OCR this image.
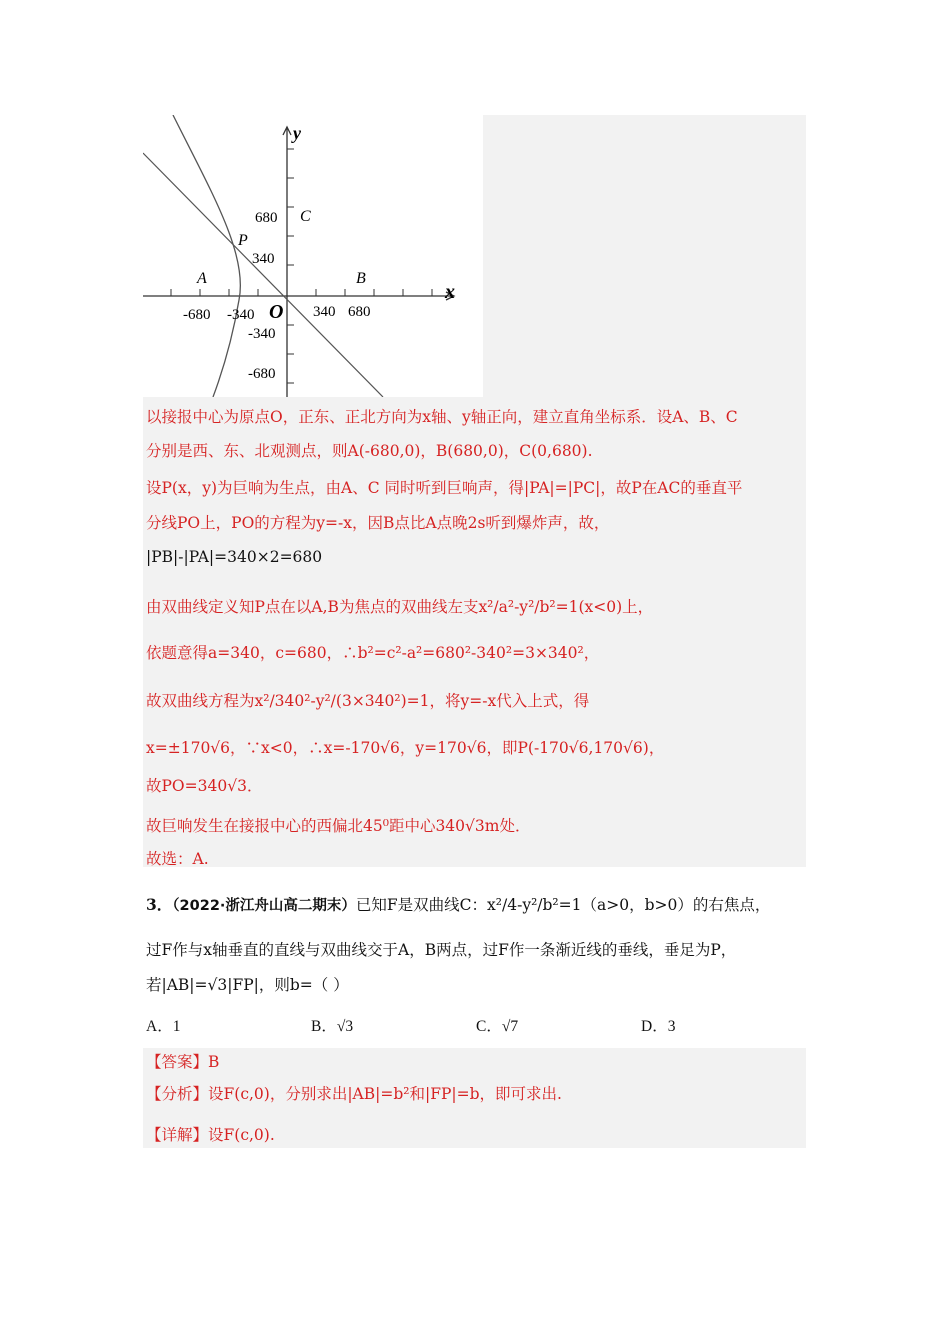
y
x
O
C
P
A	B
680
340
-340
-680
-680 -340	340 680
以接报中心为原点O，正东、正北方向为x轴、y轴正向，建立直角坐标系．设A、B、C
分别是西、东、北观测点，则A(-680,0)，B(680,0)，C(0,680).
设P(x，y)为巨响为生点，由A、C 同时听到巨响声，得|PA|=|PC|，故P在AC的垂直平
分线PO上，PO的方程为y=-x，因B点比A点晚2s听到爆炸声，故，
|PB|-|PA|=340×2=680
由双曲线定义知P点在以A,B为焦点的双曲线左支x²/a²-y²/b²=1(x<0)上，
依题意得a=340，c=680，∴b²=c²-a²=680²-340²=3×340²，
故双曲线方程为x²/340²-y²/(3×340²)=1，将y=-x代入上式，得
x=±170√6，∵x<0，∴x=-170√6，y=170√6，即P(-170√6,170√6)，
故PO=340√3．
故巨响发生在接报中心的西偏北45⁰距中心340√3m处．
故选：A.
3．（2022·浙江舟山高二期末）已知F是双曲线C：x²/4-y²/b²=1（a>0，b>0）的右焦点，
过F作与x轴垂直的直线与双曲线交于A，B两点，过F作一条渐近线的垂线，垂足为P，
若|AB|=√3|FP|，则b=（ ）
A．1	B．√3	C．√7	D．3
【答案】B
【分析】设F(c,0)，分别求出|AB|=b²和|FP|=b，即可求出.
【详解】设F(c,0).
